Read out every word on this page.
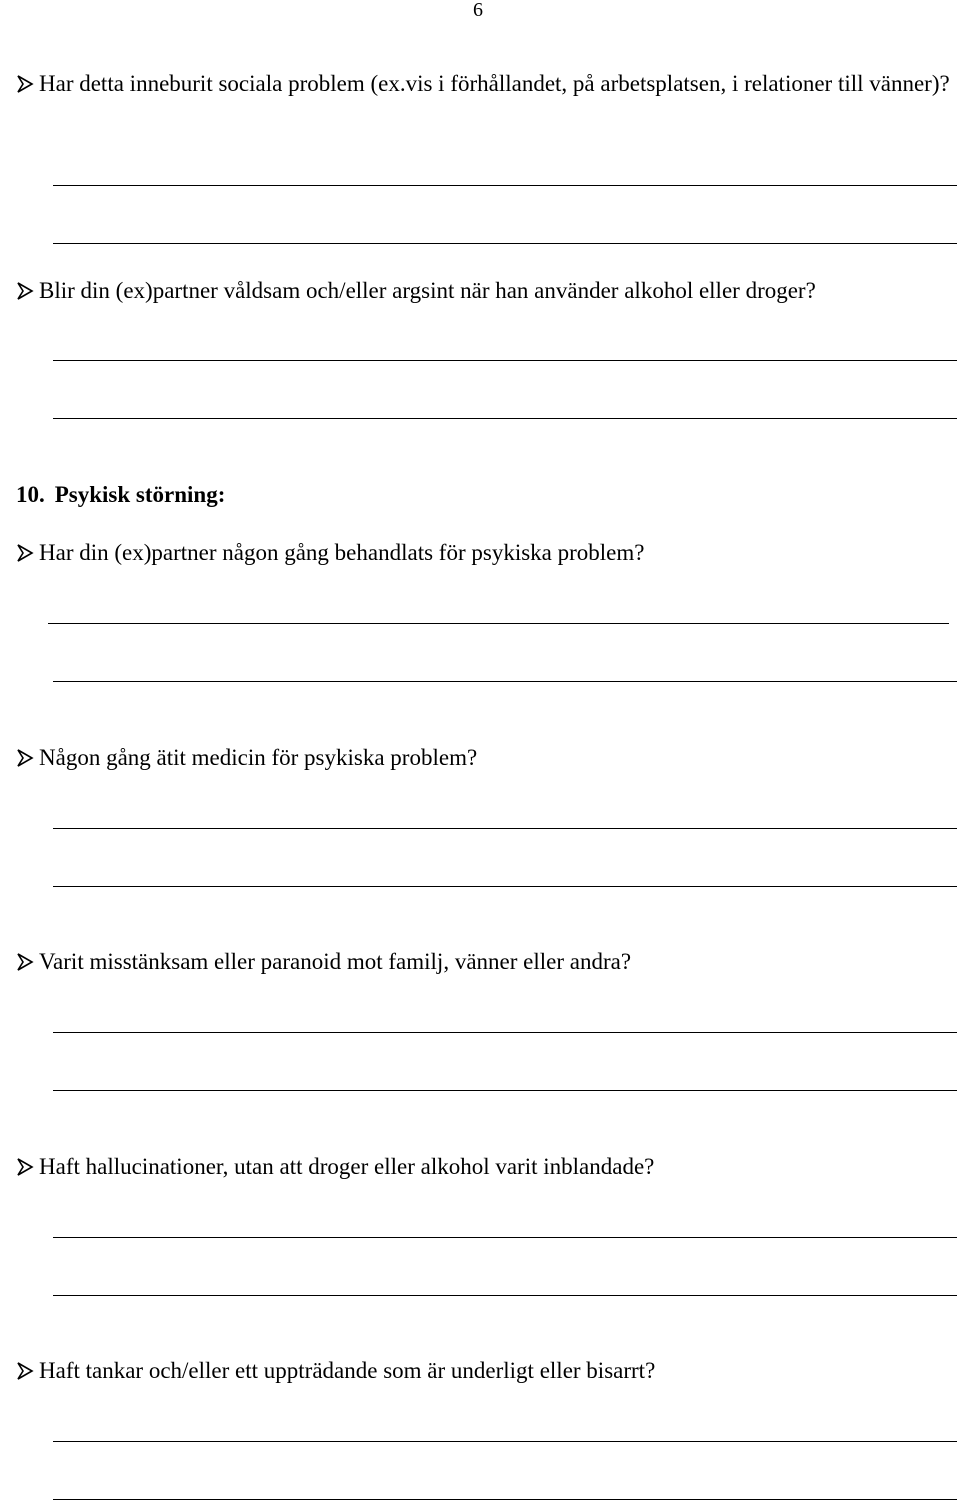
6
Har detta inneburit sociala problem (ex.vis i förhållandet, på arbetsplatsen, i relationer till vänner)?
Blir din (ex)partner våldsam och/eller argsint när han använder alkohol eller droger?
10. Psykisk störning:
Har din (ex)partner någon gång behandlats för psykiska problem?
Någon gång ätit medicin för psykiska problem?
Varit misstänksam eller paranoid mot familj, vänner eller andra?
Haft hallucinationer, utan att droger eller alkohol varit inblandade?
Haft tankar och/eller ett uppträdande som är underligt eller bisarrt?
